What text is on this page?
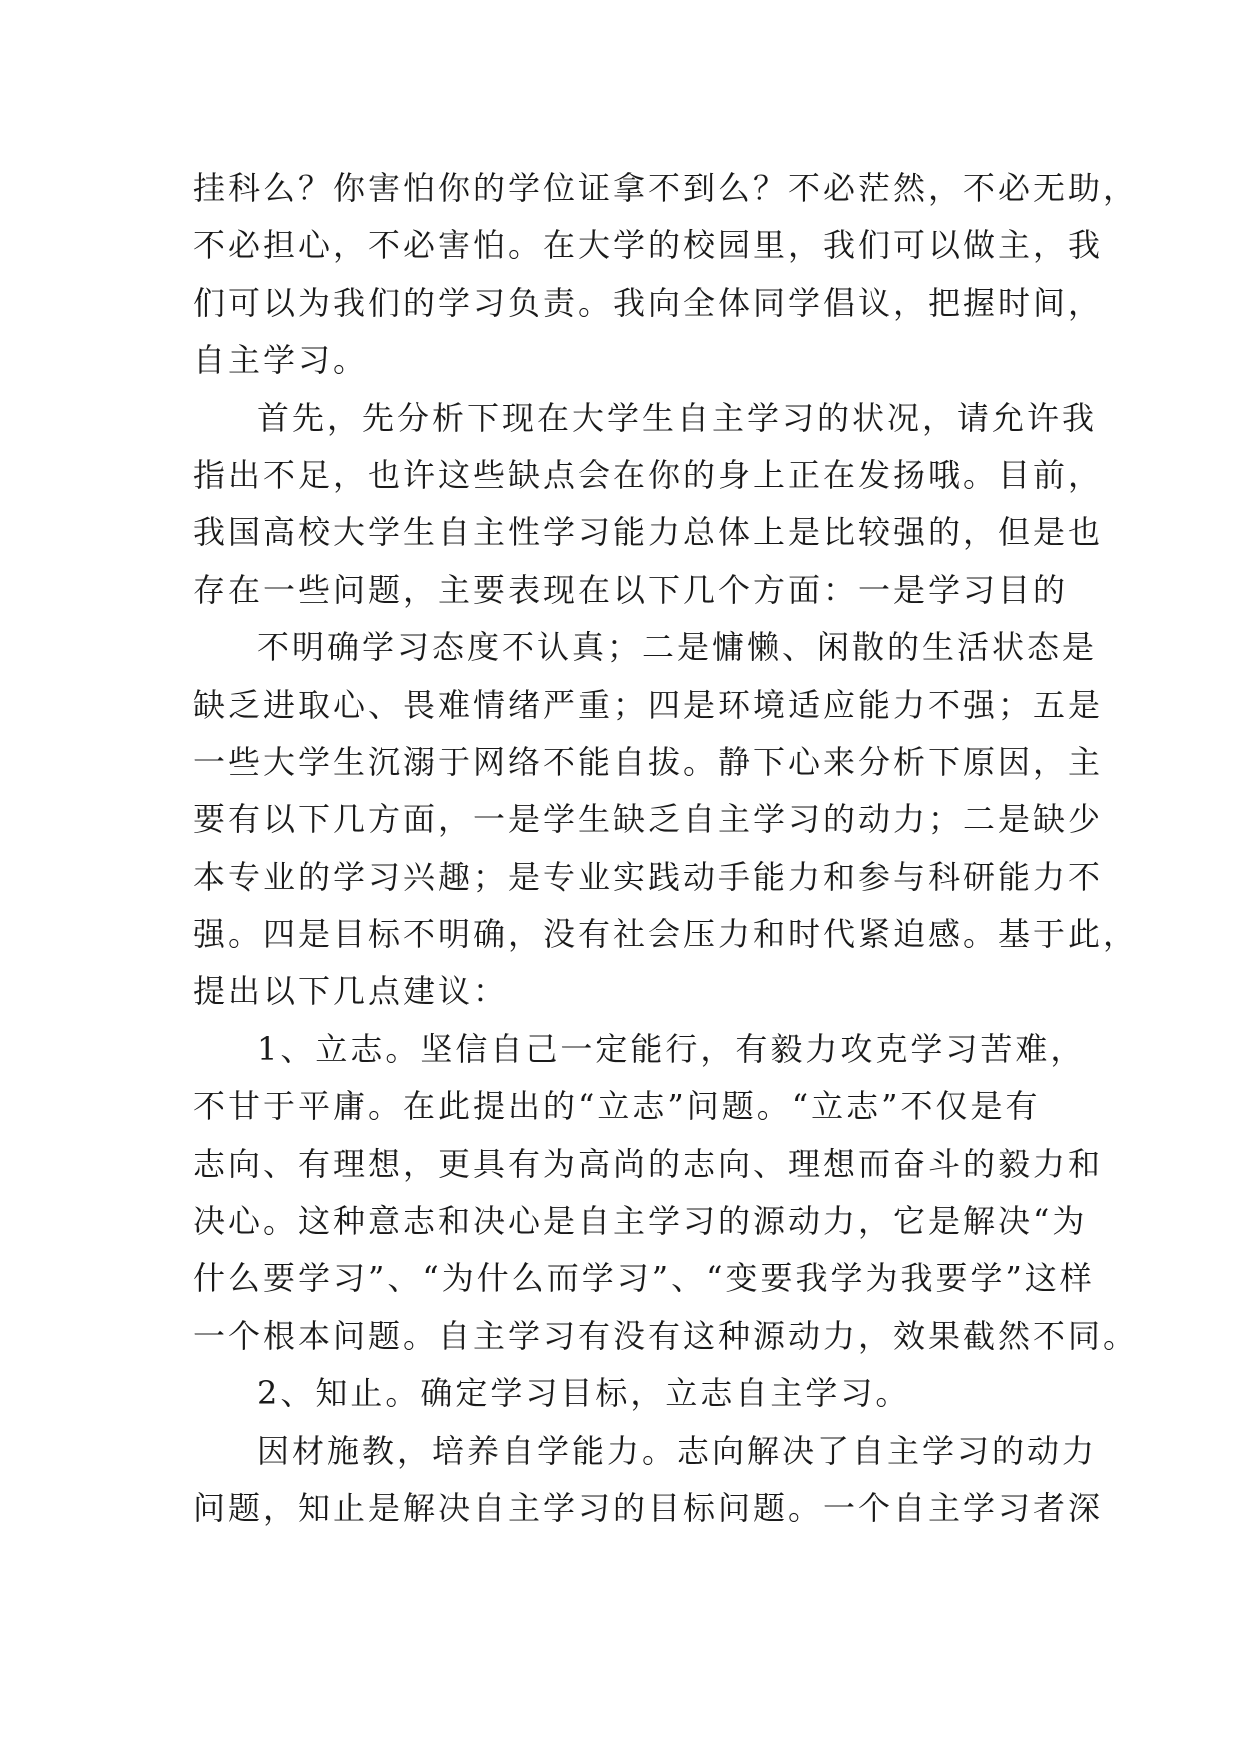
挂科么？你害怕你的学位证拿不到么？不必茫然，不必无助，
不必担心，不必害怕。在大学的校园里，我们可以做主，我
们可以为我们的学习负责。我向全体同学倡议，把握时间，
自主学习。
首先，先分析下现在大学生自主学习的状况，请允许我
指出不足，也许这些缺点会在你的身上正在发扬哦。目前，
我国高校大学生自主性学习能力总体上是比较强的，但是也
存在一些问题，主要表现在以下几个方面：一是学习目的
不明确学习态度不认真；二是慵懒、闲散的生活状态是
缺乏进取心、畏难情绪严重；四是环境适应能力不强；五是
一些大学生沉溺于网络不能自拔。静下心来分析下原因，主
要有以下几方面，一是学生缺乏自主学习的动力；二是缺少
本专业的学习兴趣；是专业实践动手能力和参与科研能力不
强。四是目标不明确，没有社会压力和时代紧迫感。基于此，
提出以下几点建议：
1、立志。坚信自己一定能行，有毅力攻克学习苦难，
不甘于平庸。在此提出的“立志”问题。“立志”不仅是有
志向、有理想，更具有为高尚的志向、理想而奋斗的毅力和
决心。这种意志和决心是自主学习的源动力，它是解决“为
什么要学习”、“为什么而学习”、“变要我学为我要学”这样
一个根本问题。自主学习有没有这种源动力，效果截然不同。
2、知止。确定学习目标，立志自主学习。
因材施教，培养自学能力。志向解决了自主学习的动力
问题，知止是解决自主学习的目标问题。一个自主学习者深
